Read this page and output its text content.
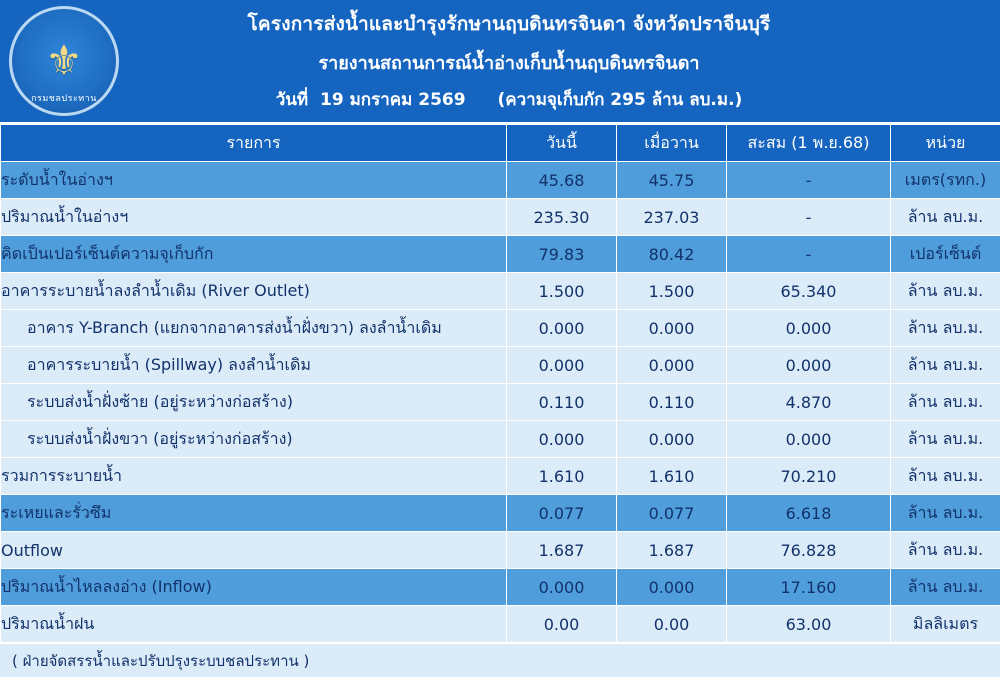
⚜
กรมชลประทาน
โครงการส่งน้ำและบำรุงรักษานฤบดินทรจินดา จังหวัดปราจีนบุรี
รายงานสถานการณ์น้ำอ่างเก็บน้ำนฤบดินทรจินดา
วันที่ 19 มกราคม 2569 (ความจุเก็บกัก 295 ล้าน ลบ.ม.)
รายการ	วันนี้	เมื่อวาน	สะสม (1 พ.ย.68)	หน่วย
ระดับน้ำในอ่างฯ	45.68	45.75	-	เมตร(รทก.)
ปริมาณน้ำในอ่างฯ	235.30	237.03	-	ล้าน ลบ.ม.
คิดเป็นเปอร์เซ็นต์ความจุเก็บกัก	79.83	80.42	-	เปอร์เซ็นต์
อาคารระบายน้ำลงลำน้ำเดิม (River Outlet)	1.500	1.500	65.340	ล้าน ลบ.ม.
อาคาร Y-Branch (แยกจากอาคารส่งน้ำฝั่งขวา) ลงลำน้ำเดิม	0.000	0.000	0.000	ล้าน ลบ.ม.
อาคารระบายน้ำ (Spillway) ลงลำน้ำเดิม	0.000	0.000	0.000	ล้าน ลบ.ม.
ระบบส่งน้ำฝั่งซ้าย (อยู่ระหว่างก่อสร้าง)	0.110	0.110	4.870	ล้าน ลบ.ม.
ระบบส่งน้ำฝั่งขวา (อยู่ระหว่างก่อสร้าง)	0.000	0.000	0.000	ล้าน ลบ.ม.
รวมการระบายน้ำ	1.610	1.610	70.210	ล้าน ลบ.ม.
ระเหยและรั่วซึม	0.077	0.077	6.618	ล้าน ลบ.ม.
Outflow	1.687	1.687	76.828	ล้าน ลบ.ม.
ปริมาณน้ำไหลลงอ่าง (Inflow)	0.000	0.000	17.160	ล้าน ลบ.ม.
ปริมาณน้ำฝน	0.00	0.00	63.00	มิลลิเมตร
( ฝ่ายจัดสรรน้ำและปรับปรุงระบบชลประทาน )
